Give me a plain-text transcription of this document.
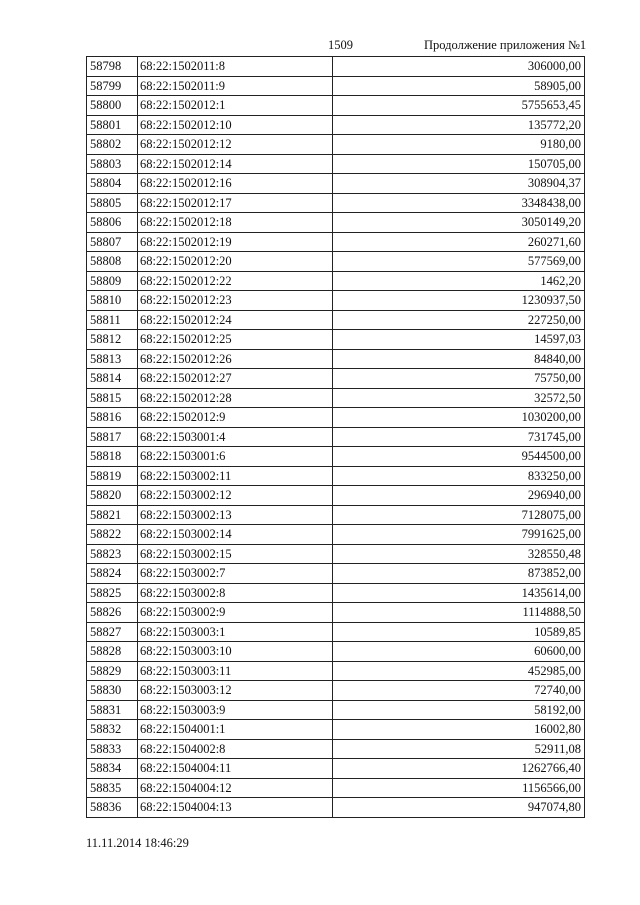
1509	Продолжение приложения №1
58798	68:22:1502011:8	306000,00
58799	68:22:1502011:9	58905,00
58800	68:22:1502012:1	5755653,45
58801	68:22:1502012:10	135772,20
58802	68:22:1502012:12	9180,00
58803	68:22:1502012:14	150705,00
58804	68:22:1502012:16	308904,37
58805	68:22:1502012:17	3348438,00
58806	68:22:1502012:18	3050149,20
58807	68:22:1502012:19	260271,60
58808	68:22:1502012:20	577569,00
58809	68:22:1502012:22	1462,20
58810	68:22:1502012:23	1230937,50
58811	68:22:1502012:24	227250,00
58812	68:22:1502012:25	14597,03
58813	68:22:1502012:26	84840,00
58814	68:22:1502012:27	75750,00
58815	68:22:1502012:28	32572,50
58816	68:22:1502012:9	1030200,00
58817	68:22:1503001:4	731745,00
58818	68:22:1503001:6	9544500,00
58819	68:22:1503002:11	833250,00
58820	68:22:1503002:12	296940,00
58821	68:22:1503002:13	7128075,00
58822	68:22:1503002:14	7991625,00
58823	68:22:1503002:15	328550,48
58824	68:22:1503002:7	873852,00
58825	68:22:1503002:8	1435614,00
58826	68:22:1503002:9	1114888,50
58827	68:22:1503003:1	10589,85
58828	68:22:1503003:10	60600,00
58829	68:22:1503003:11	452985,00
58830	68:22:1503003:12	72740,00
58831	68:22:1503003:9	58192,00
58832	68:22:1504001:1	16002,80
58833	68:22:1504002:8	52911,08
58834	68:22:1504004:11	1262766,40
58835	68:22:1504004:12	1156566,00
58836	68:22:1504004:13	947074,80
11.11.2014 18:46:29
